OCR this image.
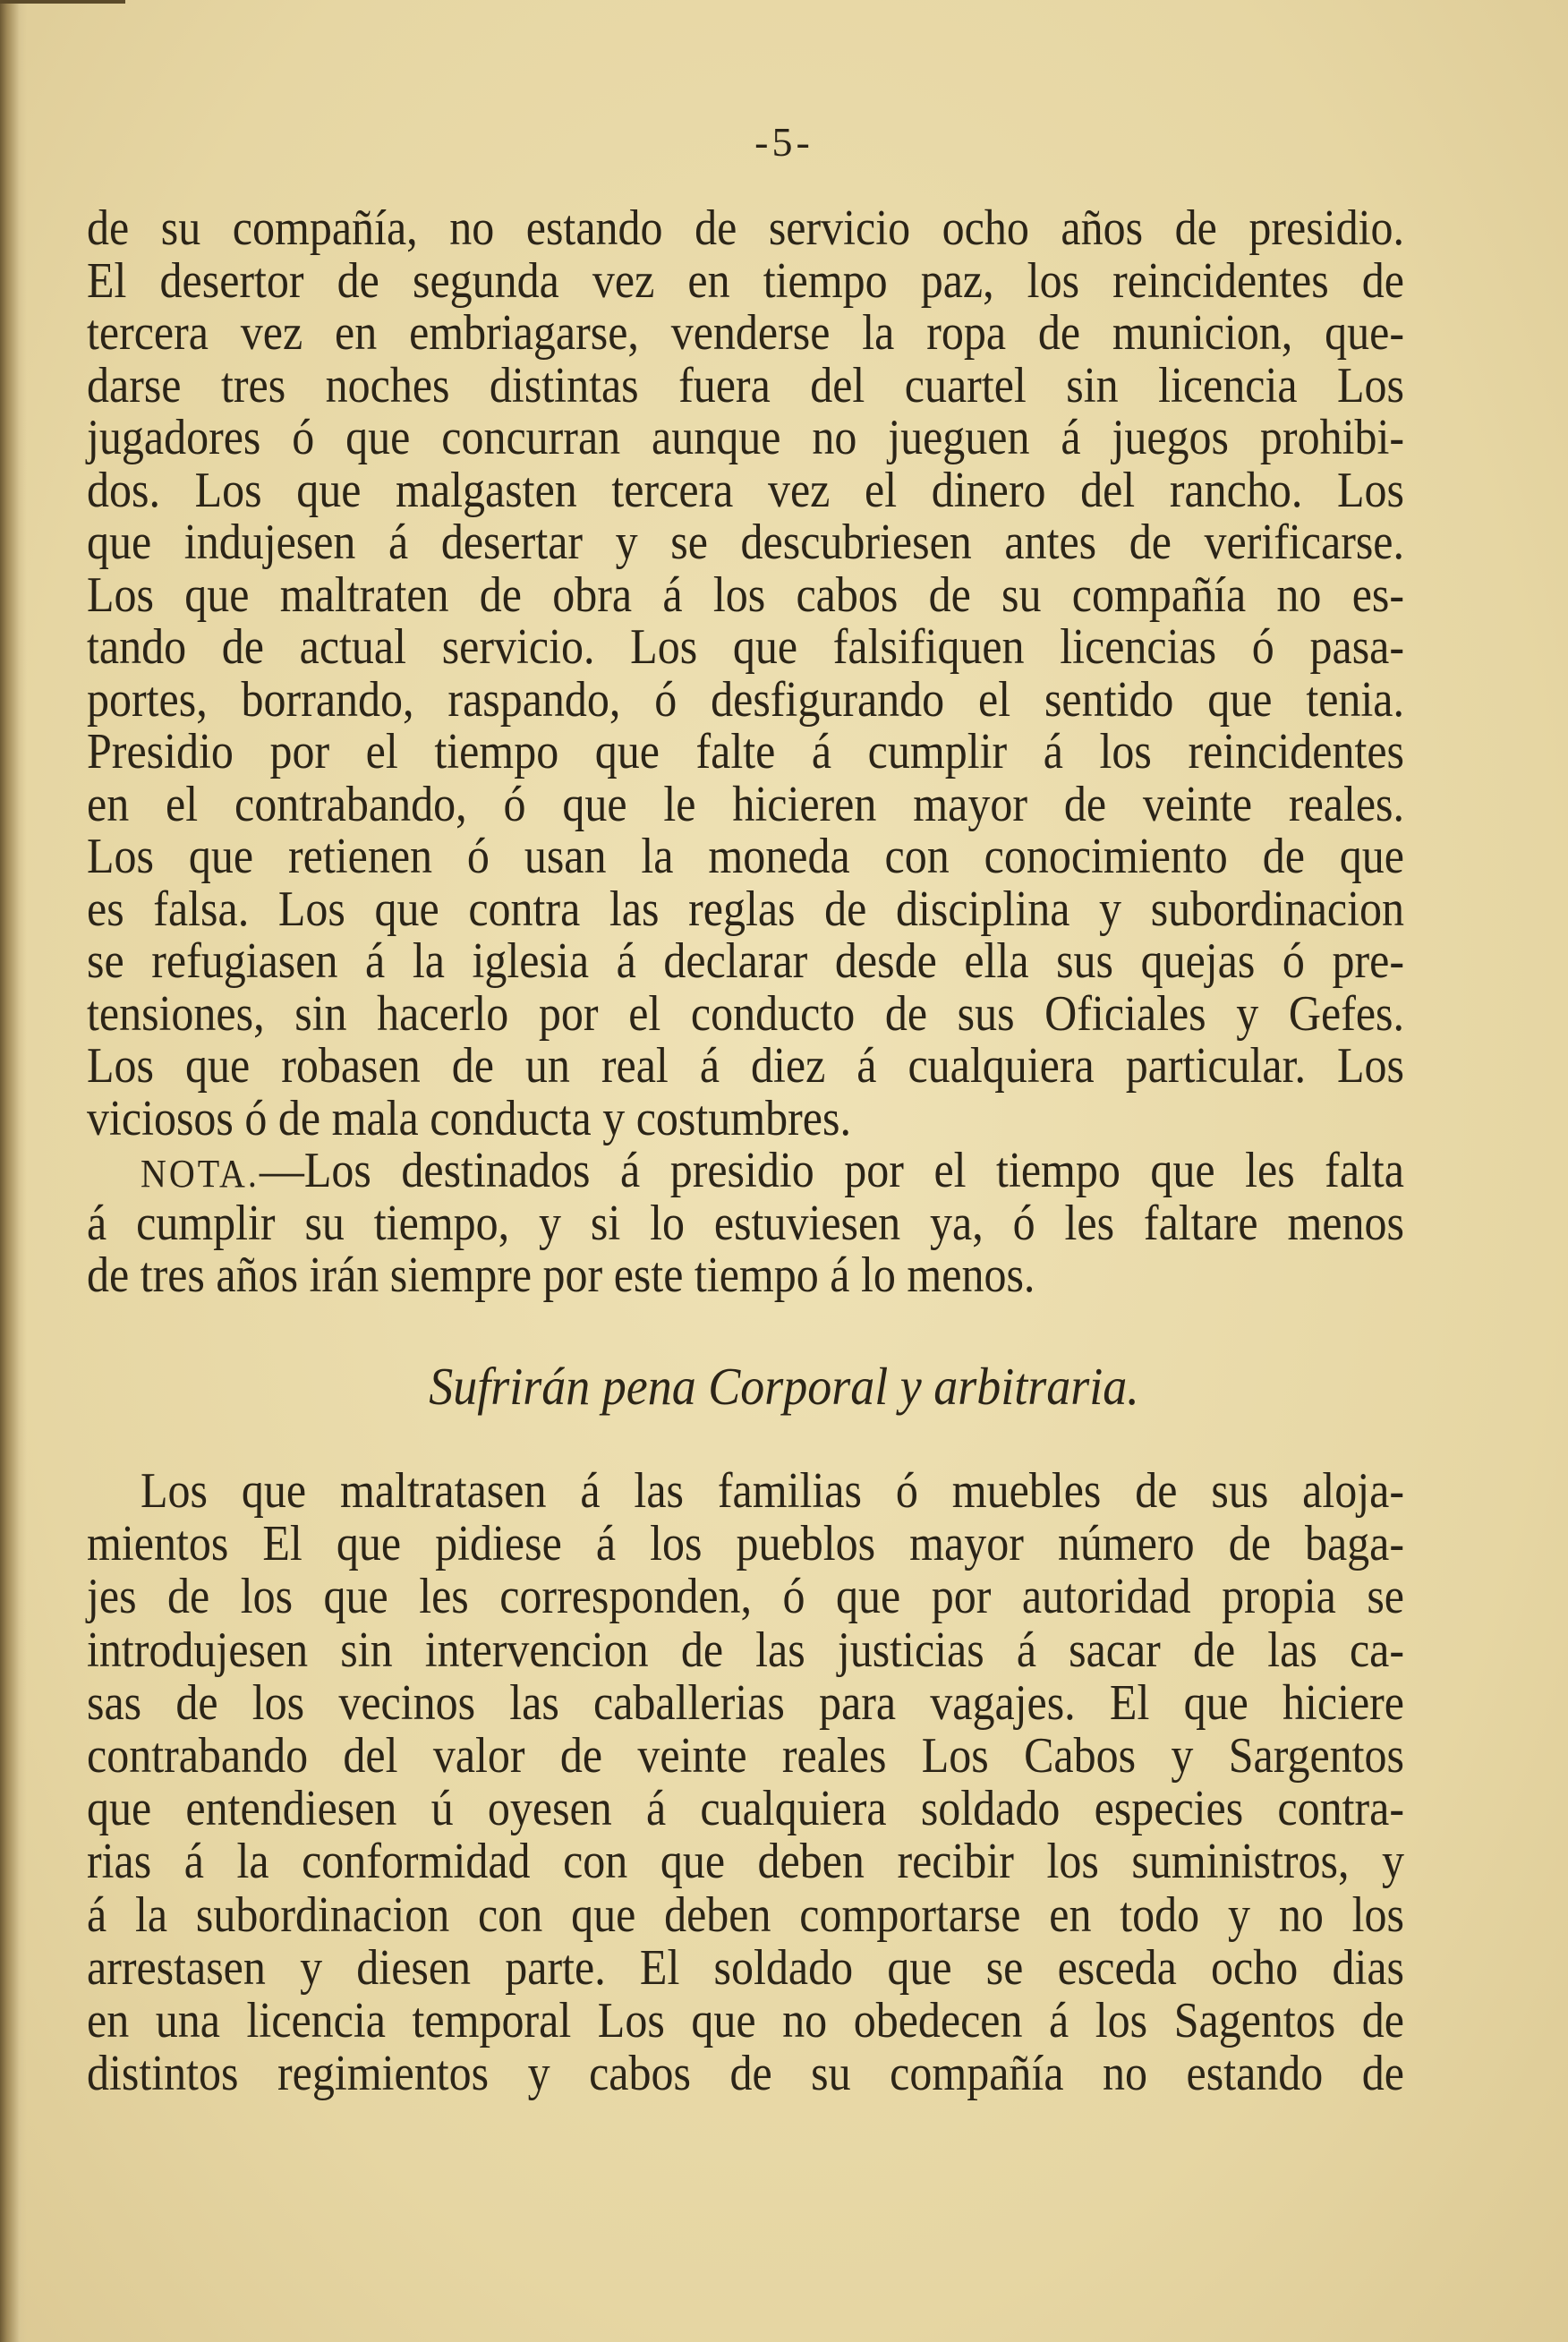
-5-
de su compañía, no estando de servicio ocho años de presidio.
El desertor de segunda vez en tiempo paz, los reincidentes de
tercera vez en embriagarse, venderse la ropa de municion, que-
darse tres noches distintas fuera del cuartel sin licencia Los
jugadores ó que concurran aunque no jueguen á juegos prohibi-
dos. Los que malgasten tercera vez el dinero del rancho. Los
que indujesen á desertar y se descubriesen antes de verificarse.
Los que maltraten de obra á los cabos de su compañía no es-
tando de actual servicio. Los que falsifiquen licencias ó pasa-
portes, borrando, raspando, ó desfigurando el sentido que tenia.
Presidio por el tiempo que falte á cumplir á los reincidentes
en el contrabando, ó que le hicieren mayor de veinte reales.
Los que retienen ó usan la moneda con conocimiento de que
es falsa. Los que contra las reglas de disciplina y subordinacion
se refugiasen á la iglesia á declarar desde ella sus quejas ó pre-
tensiones, sin hacerlo por el conducto de sus Oficiales y Gefes.
Los que robasen de un real á diez á cualquiera particular. Los
viciosos ó de mala conducta y costumbres.
NOTA.—Los destinados á presidio por el tiempo que les falta
á cumplir su tiempo, y si lo estuviesen ya, ó les faltare menos
de tres años irán siempre por este tiempo á lo menos.
Sufrirán pena Corporal y arbitraria.
Los que maltratasen á las familias ó muebles de sus aloja-
mientos El que pidiese á los pueblos mayor número de baga-
jes de los que les corresponden, ó que por autoridad propia se
introdujesen sin intervencion de las justicias á sacar de las ca-
sas de los vecinos las caballerias para vagajes. El que hiciere
contrabando del valor de veinte reales Los Cabos y Sargentos
que entendiesen ú oyesen á cualquiera soldado especies contra-
rias á la conformidad con que deben recibir los suministros, y
á la subordinacion con que deben comportarse en todo y no los
arrestasen y diesen parte. El soldado que se esceda ocho dias
en una licencia temporal Los que no obedecen á los Sagentos de
distintos regimientos y cabos de su compañía no estando de
